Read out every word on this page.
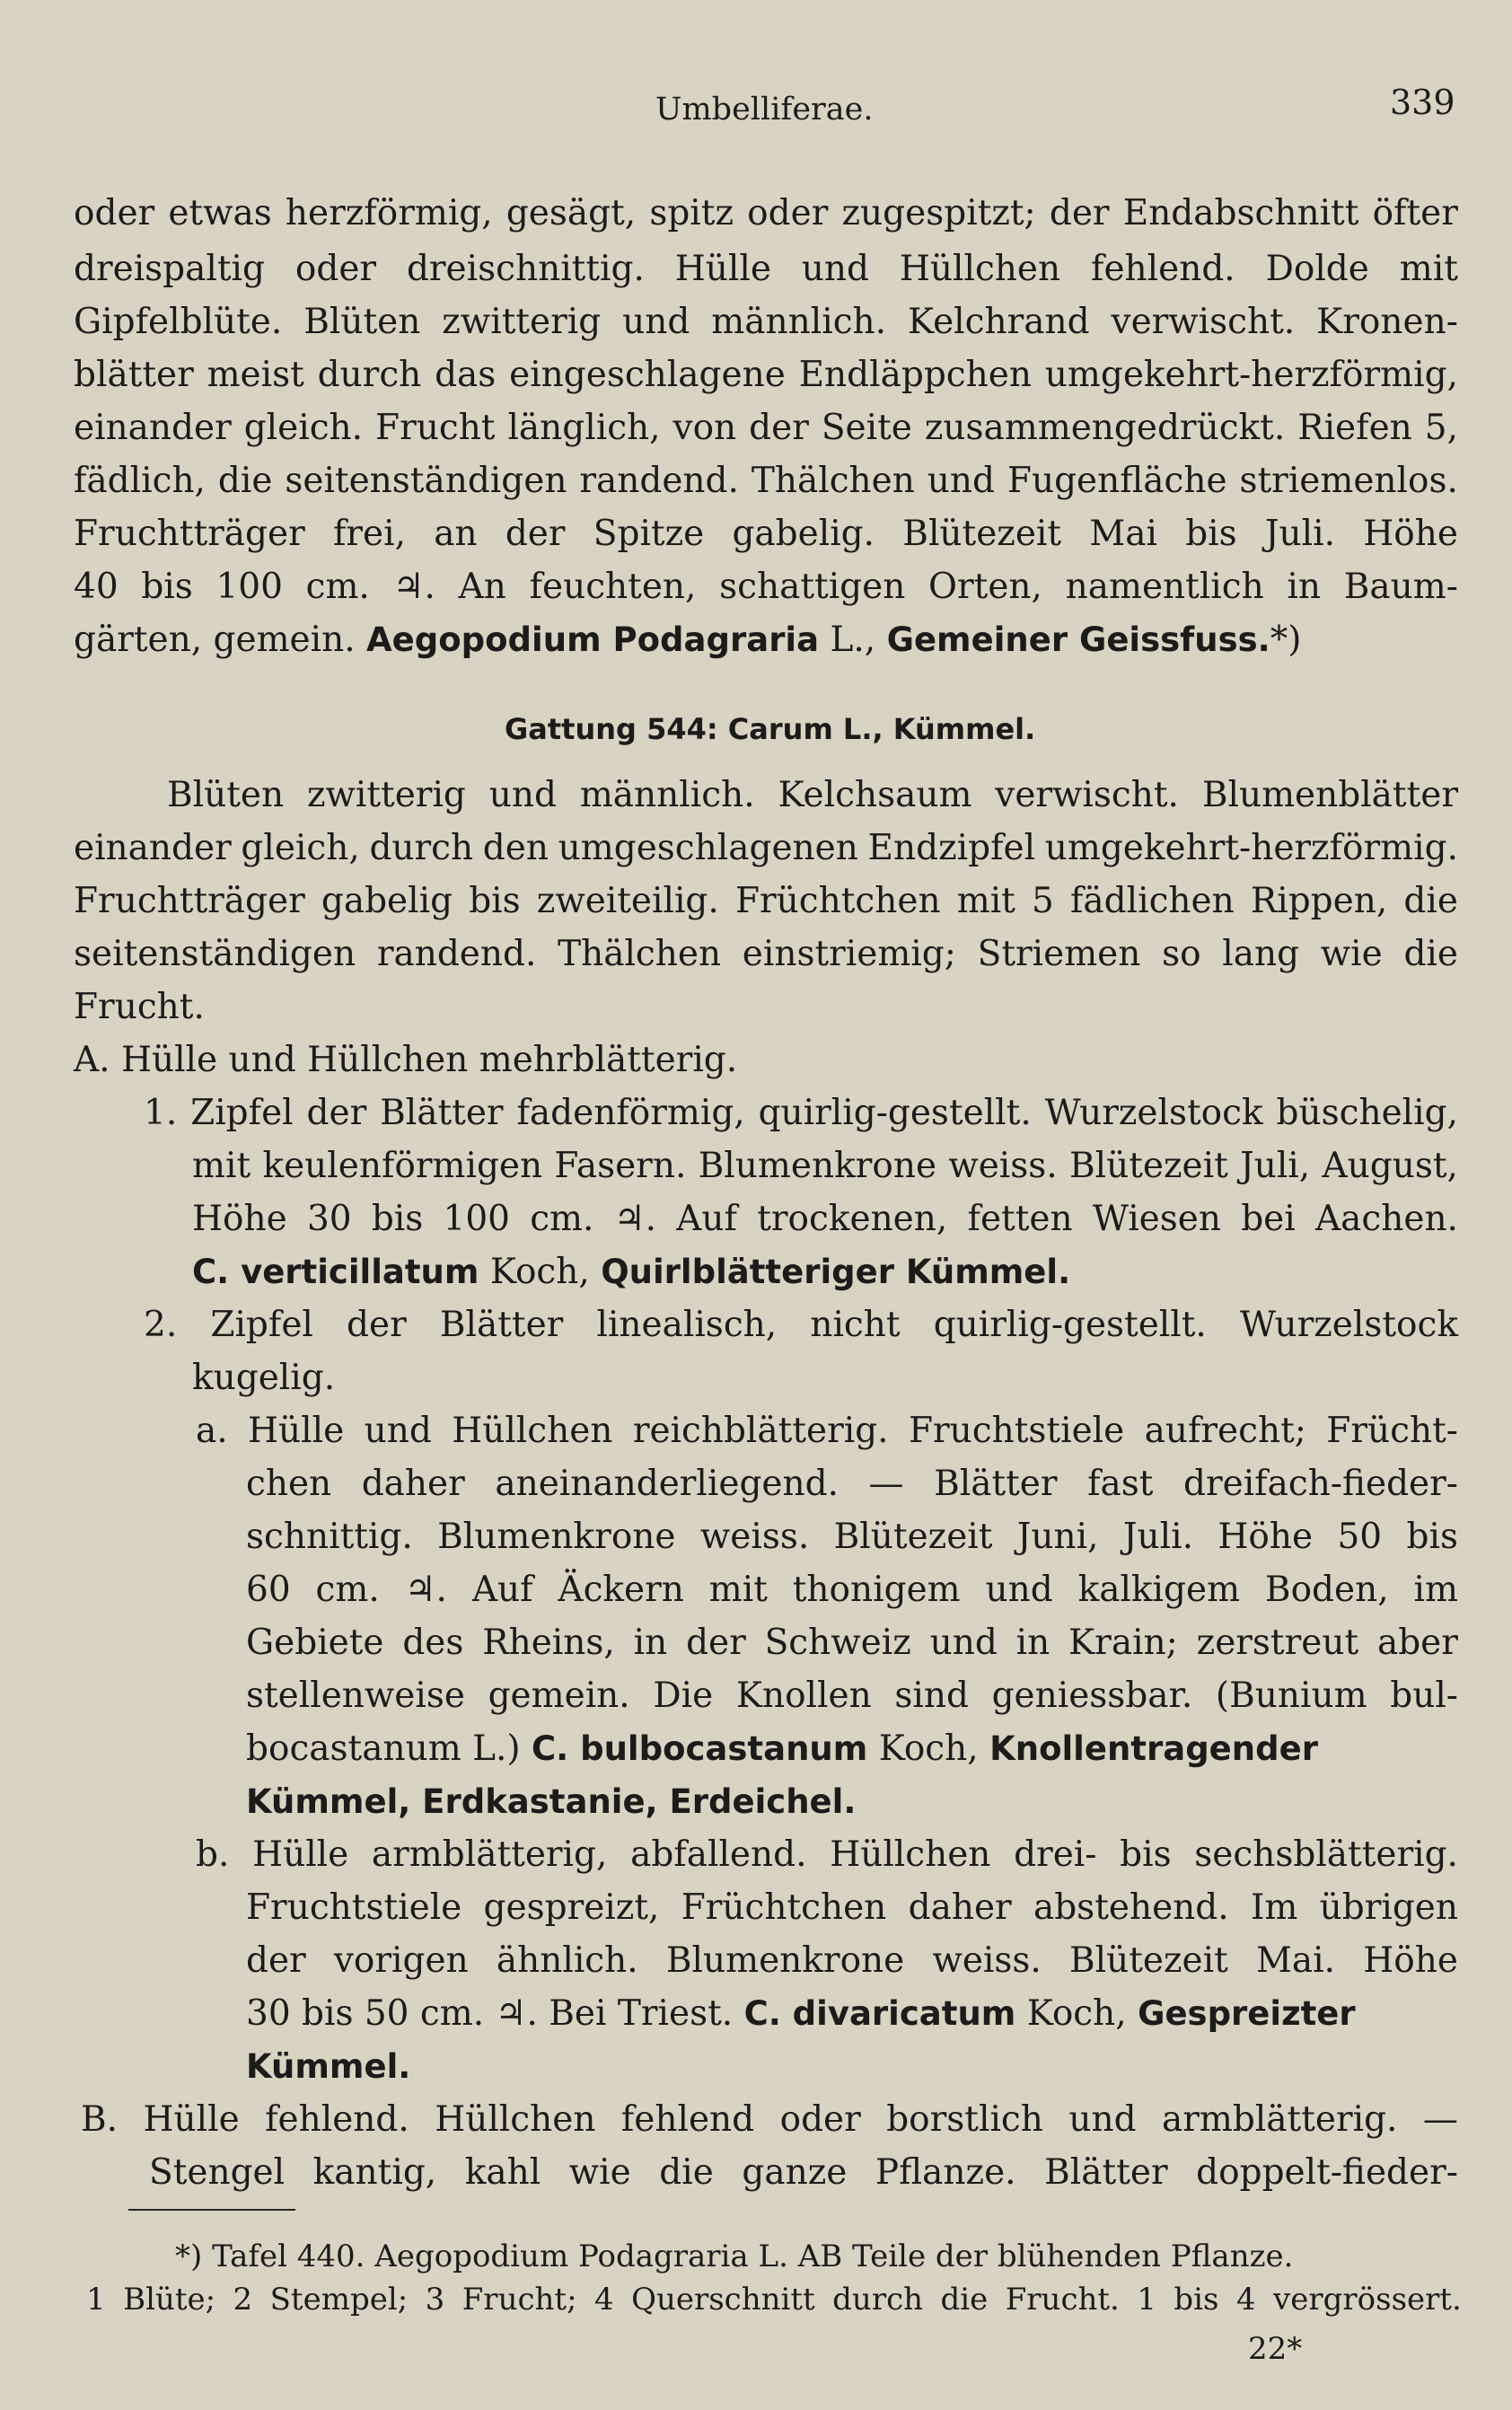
Umbelliferae.	339
oder etwas herzförmig, gesägt, spitz oder zugespitzt; der Endabschnitt öfter
dreispaltig oder dreischnittig. Hülle und Hüllchen fehlend. Dolde mit
Gipfelblüte. Blüten zwitterig und männlich. Kelchrand verwischt. Kronen-
blätter meist durch das eingeschlagene Endläppchen umgekehrt-herzförmig,
einander gleich. Frucht länglich, von der Seite zusammengedrückt. Riefen 5,
fädlich, die seitenständigen randend. Thälchen und Fugenfläche striemenlos.
Fruchtträger frei, an der Spitze gabelig. Blütezeit Mai bis Juli. Höhe
40 bis 100 cm. ♃. An feuchten, schattigen Orten, namentlich in Baum-
gärten, gemein. Aegopodium Podagraria L., Gemeiner Geissfuss.*)
Gattung 544: Carum L., Kümmel.
Blüten zwitterig und männlich. Kelchsaum verwischt. Blumenblätter
einander gleich, durch den umgeschlagenen Endzipfel umgekehrt-herzförmig.
Fruchtträger gabelig bis zweiteilig. Früchtchen mit 5 fädlichen Rippen, die
seitenständigen randend. Thälchen einstriemig; Striemen so lang wie die
Frucht.
A. Hülle und Hüllchen mehrblätterig.
1. Zipfel der Blätter fadenförmig, quirlig-gestellt. Wurzelstock büschelig,
mit keulenförmigen Fasern. Blumenkrone weiss. Blütezeit Juli, August,
Höhe 30 bis 100 cm. ♃. Auf trockenen, fetten Wiesen bei Aachen.
C. verticillatum Koch, Quirlblätteriger Kümmel.
2. Zipfel der Blätter linealisch, nicht quirlig-gestellt. Wurzelstock
kugelig.
a. Hülle und Hüllchen reichblätterig. Fruchtstiele aufrecht; Frücht-
chen daher aneinanderliegend. — Blätter fast dreifach-fieder-
schnittig. Blumenkrone weiss. Blütezeit Juni, Juli. Höhe 50 bis
60 cm. ♃. Auf Äckern mit thonigem und kalkigem Boden, im
Gebiete des Rheins, in der Schweiz und in Krain; zerstreut aber
stellenweise gemein. Die Knollen sind geniessbar. (Bunium bul-
bocastanum L.) C. bulbocastanum Koch, Knollentragender
Kümmel, Erdkastanie, Erdeichel.
b. Hülle armblätterig, abfallend. Hüllchen drei- bis sechsblätterig.
Fruchtstiele gespreizt, Früchtchen daher abstehend. Im übrigen
der vorigen ähnlich. Blumenkrone weiss. Blütezeit Mai. Höhe
30 bis 50 cm. ♃. Bei Triest. C. divaricatum Koch, Gespreizter
Kümmel.
B. Hülle fehlend. Hüllchen fehlend oder borstlich und armblätterig. —
Stengel kantig, kahl wie die ganze Pflanze. Blätter doppelt-fieder-
*) Tafel 440. Aegopodium Podagraria L. AB Teile der blühenden Pflanze.
1 Blüte; 2 Stempel; 3 Frucht; 4 Querschnitt durch die Frucht. 1 bis 4 vergrössert.
22*
